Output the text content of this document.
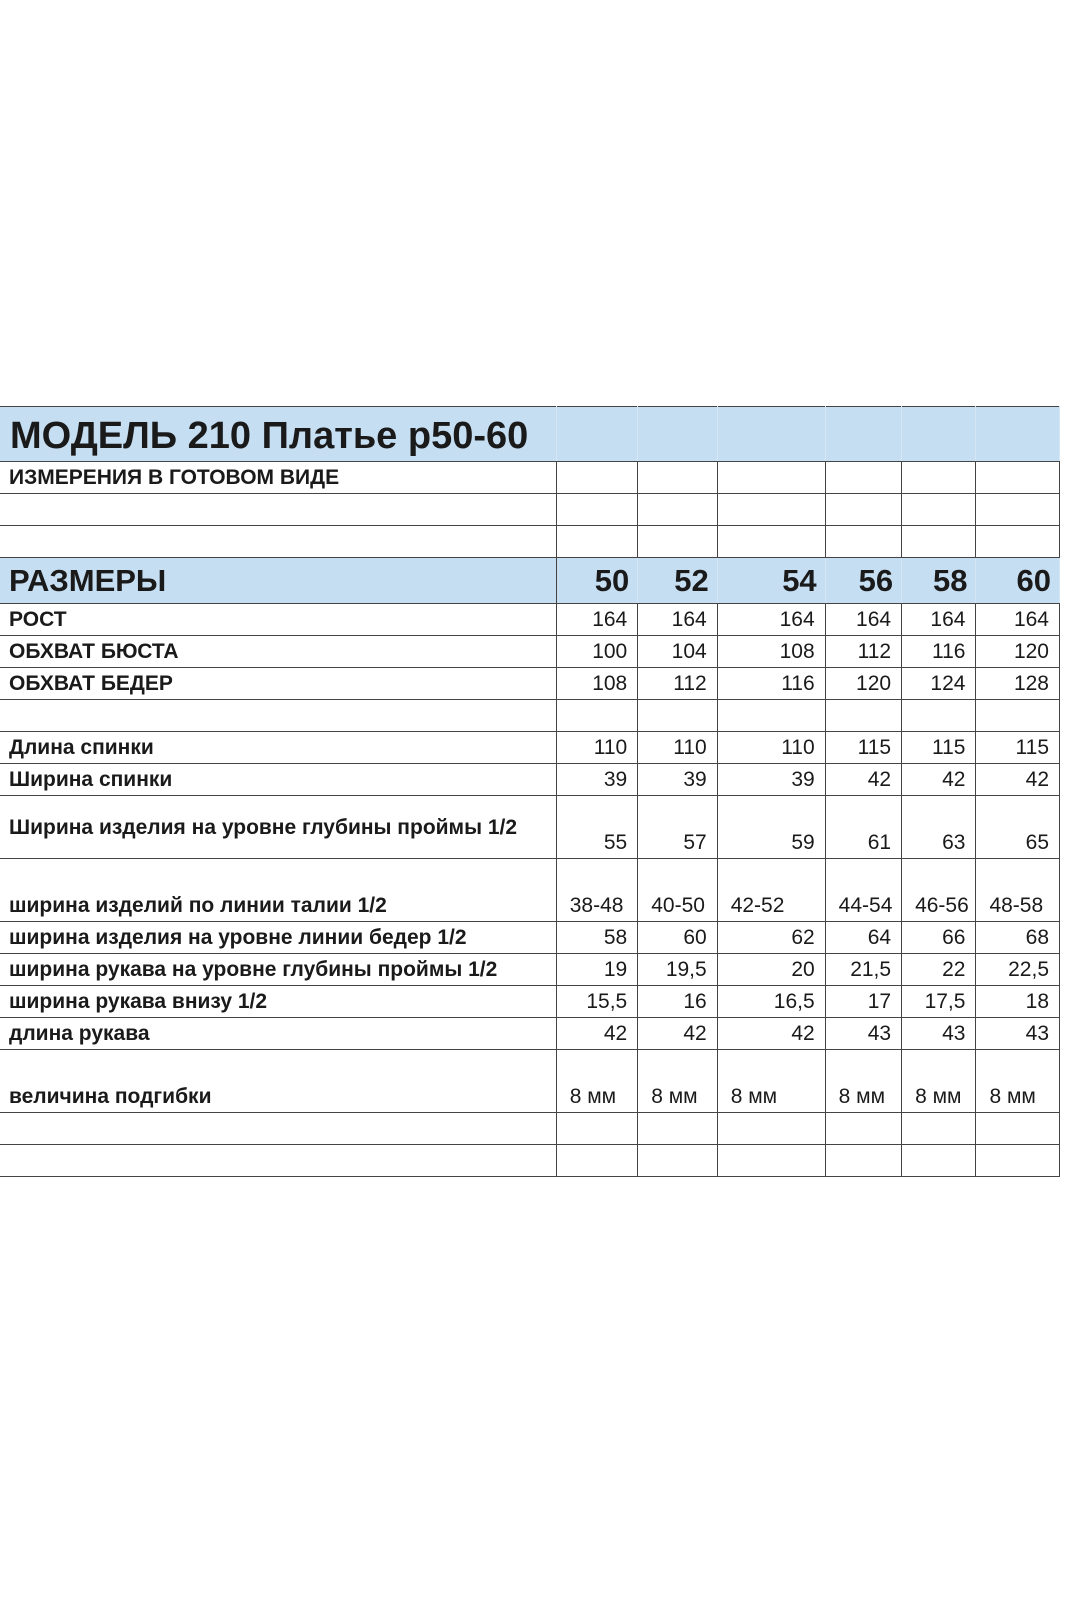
МОДЕЛЬ 210 Платье р50-60						
ИЗМЕРЕНИЯ В ГОТОВОМ ВИДЕ						

РАЗМЕРЫ	50	52	54	56	58	60
РОСТ	164	164	164	164	164	164
ОБХВАТ БЮСТА	100	104	108	112	116	120
ОБХВАТ БЕДЕР	108	112	116	120	124	128

Длина спинки	110	110	110	115	115	115
Ширина спинки	39	39	39	42	42	42
Ширина изделия на уровне глубины проймы 1/2	55	57	59	61	63	65
ширина изделий по линии талии 1/2	38-48	40-50	42-52	44-54	46-56	48-58
ширина изделия на уровне линии бедер 1/2	58	60	62	64	66	68
ширина рукава на уровне глубины проймы 1/2	19	19,5	20	21,5	22	22,5
ширина рукава внизу 1/2	15,5	16	16,5	17	17,5	18
длина рукава	42	42	42	43	43	43
величина подгибки	8 мм	8 мм	8 мм	8 мм	8 мм	8 мм
